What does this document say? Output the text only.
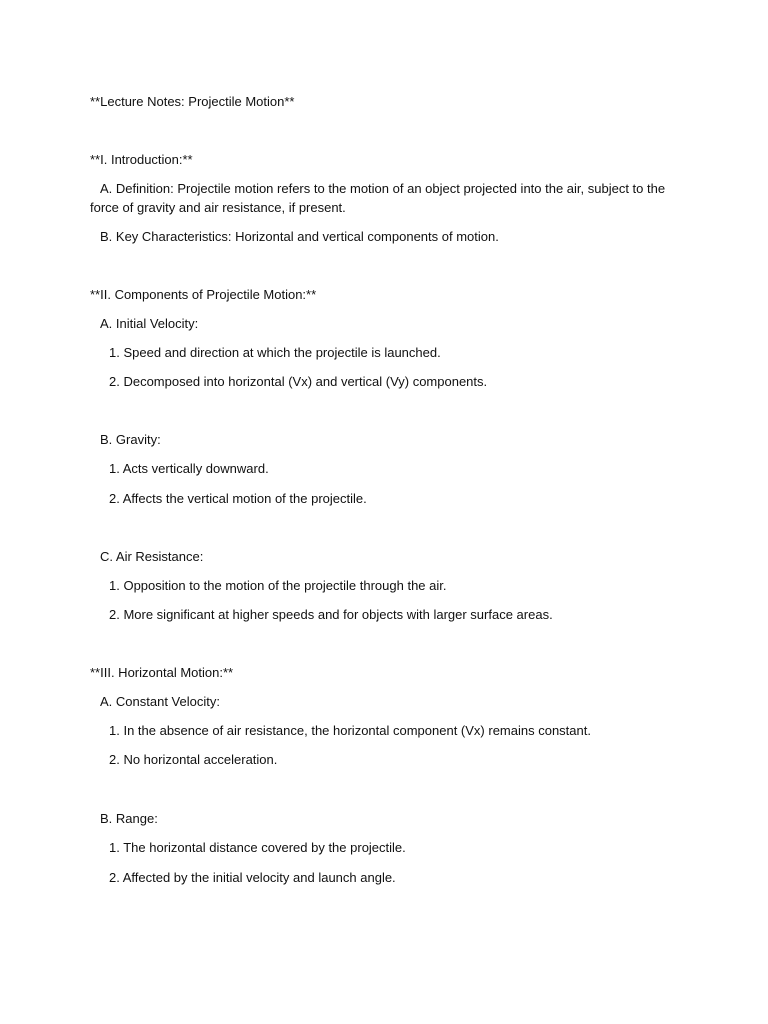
**Lecture Notes: Projectile Motion**
**I. Introduction:**
A. Definition: Projectile motion refers to the motion of an object projected into the air, subject to the force of gravity and air resistance, if present.
B. Key Characteristics: Horizontal and vertical components of motion.
**II. Components of Projectile Motion:**
A. Initial Velocity:
1. Speed and direction at which the projectile is launched.
2. Decomposed into horizontal (Vx) and vertical (Vy) components.
B. Gravity:
1. Acts vertically downward.
2. Affects the vertical motion of the projectile.
C. Air Resistance:
1. Opposition to the motion of the projectile through the air.
2. More significant at higher speeds and for objects with larger surface areas.
**III. Horizontal Motion:**
A. Constant Velocity:
1. In the absence of air resistance, the horizontal component (Vx) remains constant.
2. No horizontal acceleration.
B. Range:
1. The horizontal distance covered by the projectile.
2. Affected by the initial velocity and launch angle.
